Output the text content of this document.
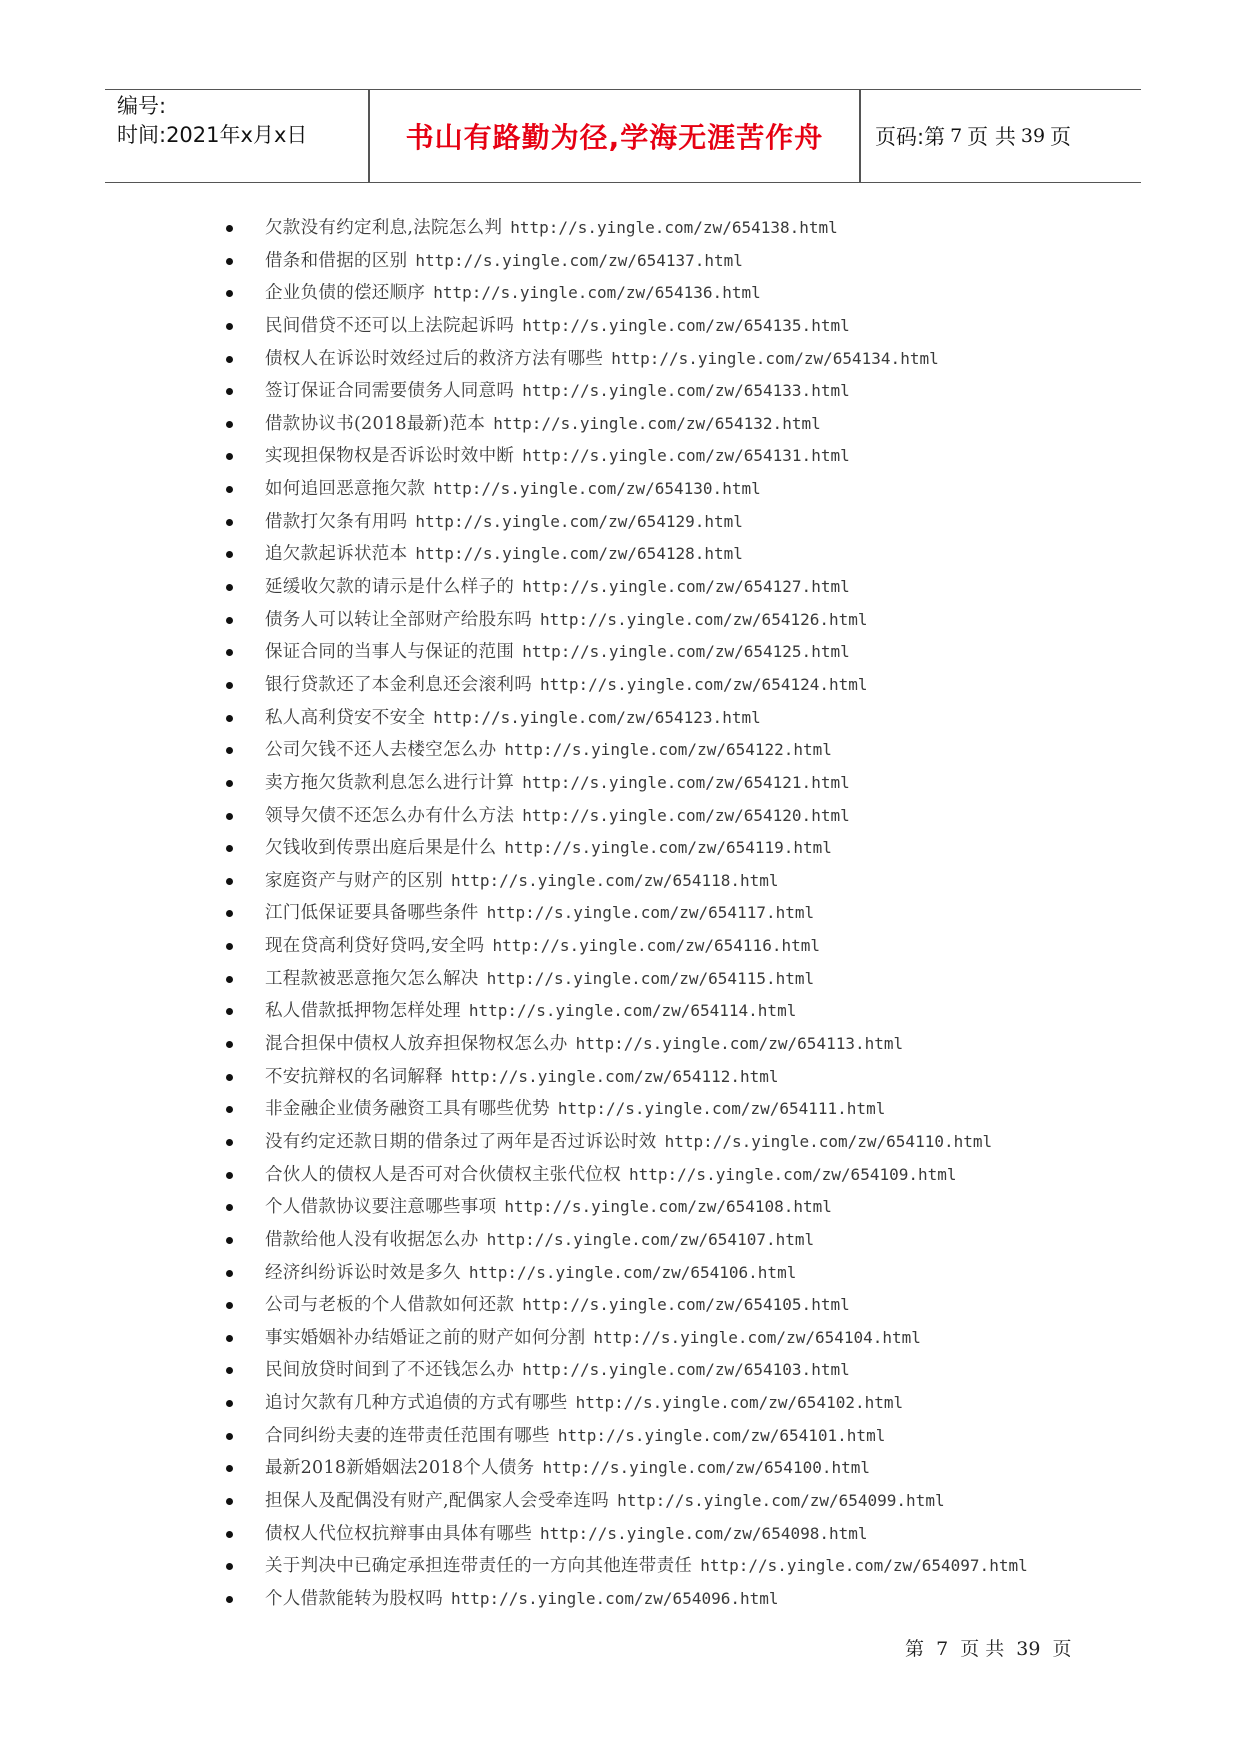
编号:
时间:2021年x月x日	书山有路勤为径,学海无涯苦作舟	页码:第 7 页 共 39 页
欠款没有约定利息,法院怎么判 http://s.yingle.com/zw/654138.html
借条和借据的区别 http://s.yingle.com/zw/654137.html
企业负债的偿还顺序 http://s.yingle.com/zw/654136.html
民间借贷不还可以上法院起诉吗 http://s.yingle.com/zw/654135.html
债权人在诉讼时效经过后的救济方法有哪些 http://s.yingle.com/zw/654134.html
签订保证合同需要债务人同意吗 http://s.yingle.com/zw/654133.html
借款协议书(2018最新)范本 http://s.yingle.com/zw/654132.html
实现担保物权是否诉讼时效中断 http://s.yingle.com/zw/654131.html
如何追回恶意拖欠款 http://s.yingle.com/zw/654130.html
借款打欠条有用吗 http://s.yingle.com/zw/654129.html
追欠款起诉状范本 http://s.yingle.com/zw/654128.html
延缓收欠款的请示是什么样子的 http://s.yingle.com/zw/654127.html
债务人可以转让全部财产给股东吗 http://s.yingle.com/zw/654126.html
保证合同的当事人与保证的范围 http://s.yingle.com/zw/654125.html
银行贷款还了本金利息还会滚利吗 http://s.yingle.com/zw/654124.html
私人高利贷安不安全 http://s.yingle.com/zw/654123.html
公司欠钱不还人去楼空怎么办 http://s.yingle.com/zw/654122.html
卖方拖欠货款利息怎么进行计算 http://s.yingle.com/zw/654121.html
领导欠债不还怎么办有什么方法 http://s.yingle.com/zw/654120.html
欠钱收到传票出庭后果是什么 http://s.yingle.com/zw/654119.html
家庭资产与财产的区别 http://s.yingle.com/zw/654118.html
江门低保证要具备哪些条件 http://s.yingle.com/zw/654117.html
现在贷高利贷好贷吗,安全吗 http://s.yingle.com/zw/654116.html
工程款被恶意拖欠怎么解决 http://s.yingle.com/zw/654115.html
私人借款抵押物怎样处理 http://s.yingle.com/zw/654114.html
混合担保中债权人放弃担保物权怎么办 http://s.yingle.com/zw/654113.html
不安抗辩权的名词解释 http://s.yingle.com/zw/654112.html
非金融企业债务融资工具有哪些优势 http://s.yingle.com/zw/654111.html
没有约定还款日期的借条过了两年是否过诉讼时效 http://s.yingle.com/zw/654110.html
合伙人的债权人是否可对合伙债权主张代位权 http://s.yingle.com/zw/654109.html
个人借款协议要注意哪些事项 http://s.yingle.com/zw/654108.html
借款给他人没有收据怎么办 http://s.yingle.com/zw/654107.html
经济纠纷诉讼时效是多久 http://s.yingle.com/zw/654106.html
公司与老板的个人借款如何还款 http://s.yingle.com/zw/654105.html
事实婚姻补办结婚证之前的财产如何分割 http://s.yingle.com/zw/654104.html
民间放贷时间到了不还钱怎么办 http://s.yingle.com/zw/654103.html
追讨欠款有几种方式追债的方式有哪些 http://s.yingle.com/zw/654102.html
合同纠纷夫妻的连带责任范围有哪些 http://s.yingle.com/zw/654101.html
最新2018新婚姻法2018个人债务 http://s.yingle.com/zw/654100.html
担保人及配偶没有财产,配偶家人会受牵连吗 http://s.yingle.com/zw/654099.html
债权人代位权抗辩事由具体有哪些 http://s.yingle.com/zw/654098.html
关于判决中已确定承担连带责任的一方向其他连带责任 http://s.yingle.com/zw/654097.html
个人借款能转为股权吗 http://s.yingle.com/zw/654096.html
第 7 页 共 39 页
